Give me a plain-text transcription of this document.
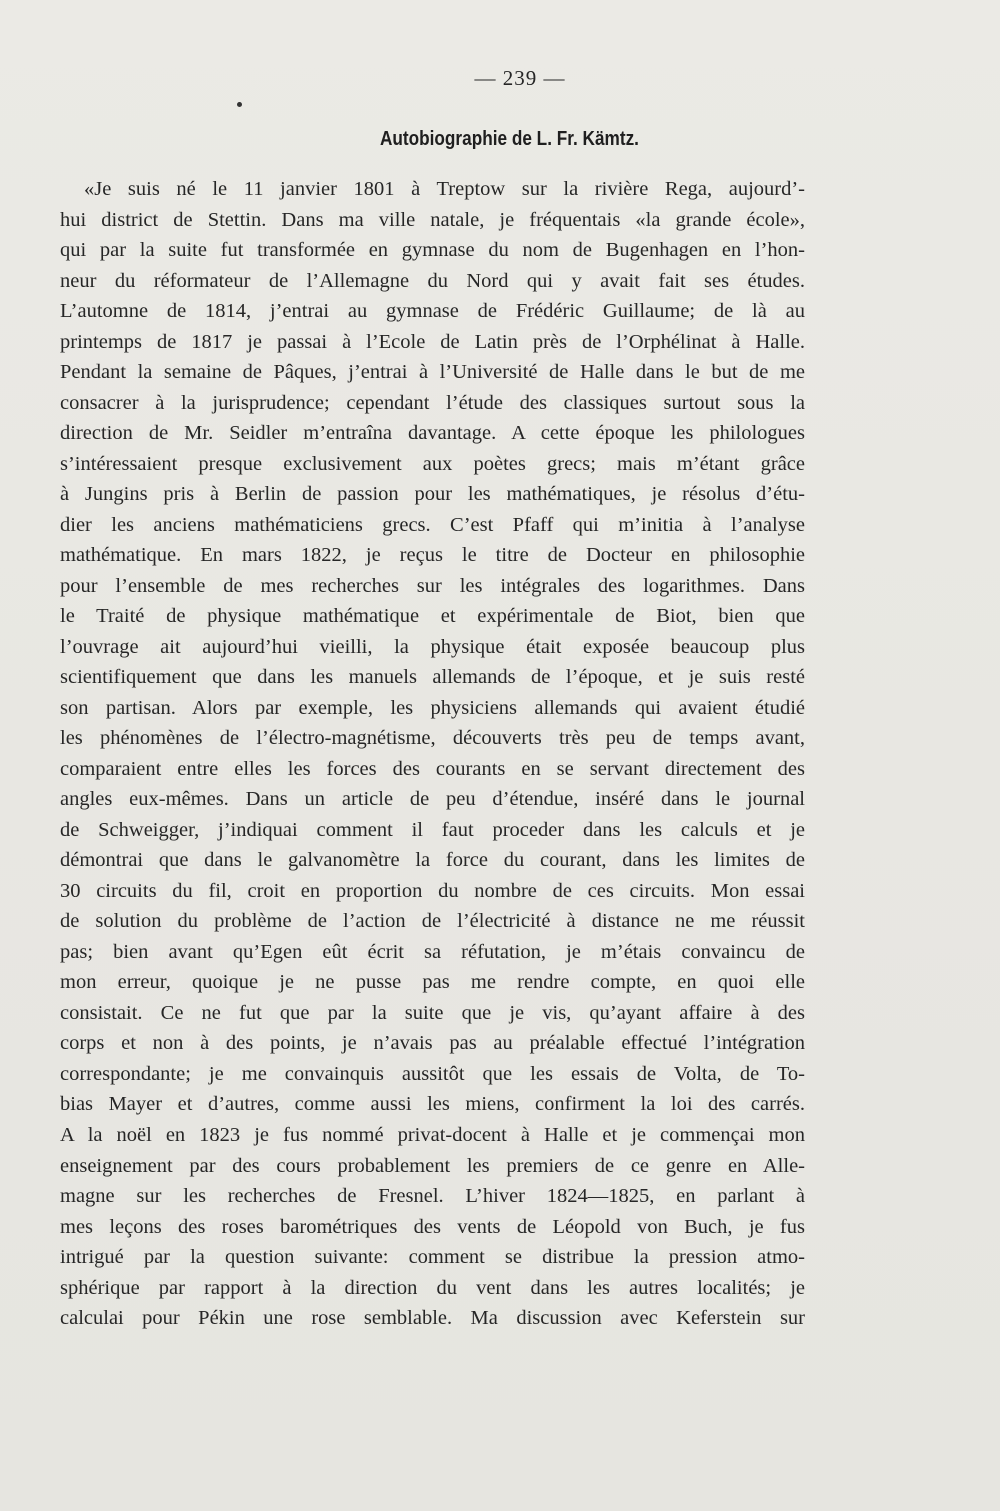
— 239 —
Autobiographie de L. Fr. Kämtz.
«Je suis né le 11 janvier 1801 à Treptow sur la rivière Rega, aujourd’-
hui district de Stettin. Dans ma ville natale, je fréquentais «la grande école»,
qui par la suite fut transformée en gymnase du nom de Bugenhagen en l’hon-
neur du réformateur de l’Allemagne du Nord qui y avait fait ses études.
L’automne de 1814, j’entrai au gymnase de Frédéric Guillaume; de là au
printemps de 1817 je passai à l’Ecole de Latin près de l’Orphélinat à Halle.
Pendant la semaine de Pâques, j’entrai à l’Université de Halle dans le but de me
consacrer à la jurisprudence; cependant l’étude des classiques surtout sous la
direction de Mr. Seidler m’entraîna davantage. A cette époque les philologues
s’intéressaient presque exclusivement aux poètes grecs; mais m’étant grâce
à Jungins pris à Berlin de passion pour les mathématiques, je résolus d’étu-
dier les anciens mathématiciens grecs. C’est Pfaff qui m’initia à l’analyse
mathématique. En mars 1822, je reçus le titre de Docteur en philosophie
pour l’ensemble de mes recherches sur les intégrales des logarithmes. Dans
le Traité de physique mathématique et expérimentale de Biot, bien que
l’ouvrage ait aujourd’hui vieilli, la physique était exposée beaucoup plus
scientifiquement que dans les manuels allemands de l’époque, et je suis resté
son partisan. Alors par exemple, les physiciens allemands qui avaient étudié
les phénomènes de l’électro-magnétisme, découverts très peu de temps avant,
comparaient entre elles les forces des courants en se servant directement des
angles eux-mêmes. Dans un article de peu d’étendue, inséré dans le journal
de Schweigger, j’indiquai comment il faut proceder dans les calculs et je
démontrai que dans le galvanomètre la force du courant, dans les limites de
30 circuits du fil, croit en proportion du nombre de ces circuits. Mon essai
de solution du problème de l’action de l’électricité à distance ne me réussit
pas; bien avant qu’Egen eût écrit sa réfutation, je m’étais convaincu de
mon erreur, quoique je ne pusse pas me rendre compte, en quoi elle
consistait. Ce ne fut que par la suite que je vis, qu’ayant affaire à des
corps et non à des points, je n’avais pas au préalable effectué l’intégration
correspondante; je me convainquis aussitôt que les essais de Volta, de To-
bias Mayer et d’autres, comme aussi les miens, confirment la loi des carrés.
A la noël en 1823 je fus nommé privat-docent à Halle et je commençai mon
enseignement par des cours probablement les premiers de ce genre en Alle-
magne sur les recherches de Fresnel. L’hiver 1824—1825, en parlant à
mes leçons des roses barométriques des vents de Léopold von Buch, je fus
intrigué par la question suivante: comment se distribue la pression atmo-
sphérique par rapport à la direction du vent dans les autres localités; je
calculai pour Pékin une rose semblable. Ma discussion avec Keferstein sur
